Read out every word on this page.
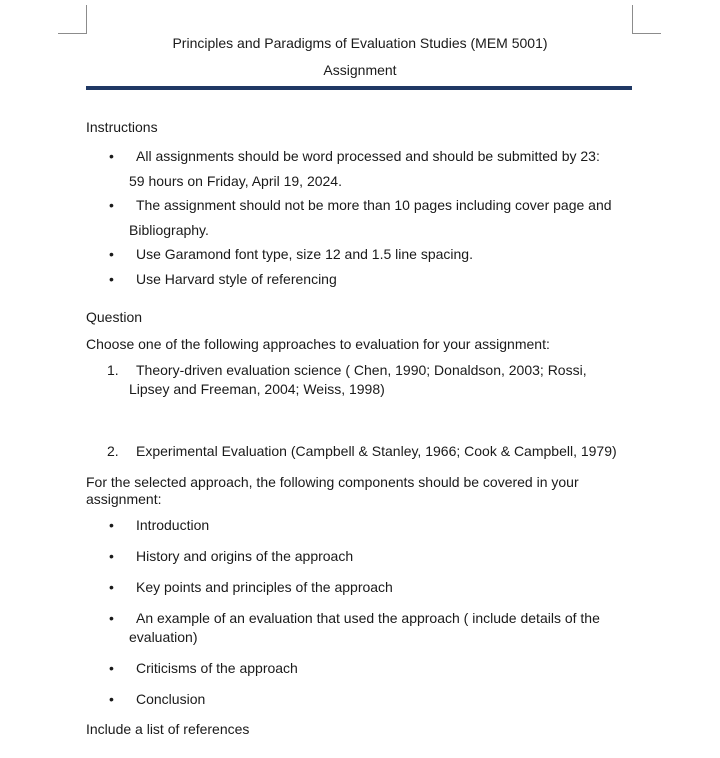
Principles and Paradigms of Evaluation Studies (MEM 5001)
Assignment
Instructions
• All assignments should be word processed and should be submitted by 23:
59 hours on Friday, April 19, 2024.
• The assignment should not be more than 10 pages including cover page and
Bibliography.
• Use Garamond font type, size 12 and 1.5 line spacing.
• Use Harvard style of referencing
Question
Choose one of the following approaches to evaluation for your assignment:
1. Theory-driven evaluation science ( Chen, 1990; Donaldson, 2003; Rossi,
Lipsey and Freeman, 2004; Weiss, 1998)
2. Experimental Evaluation (Campbell & Stanley, 1966; Cook & Campbell, 1979)
For the selected approach, the following components should be covered in your
assignment:
• Introduction
• History and origins of the approach
• Key points and principles of the approach
• An example of an evaluation that used the approach ( include details of the
evaluation)
• Criticisms of the approach
• Conclusion
Include a list of references
